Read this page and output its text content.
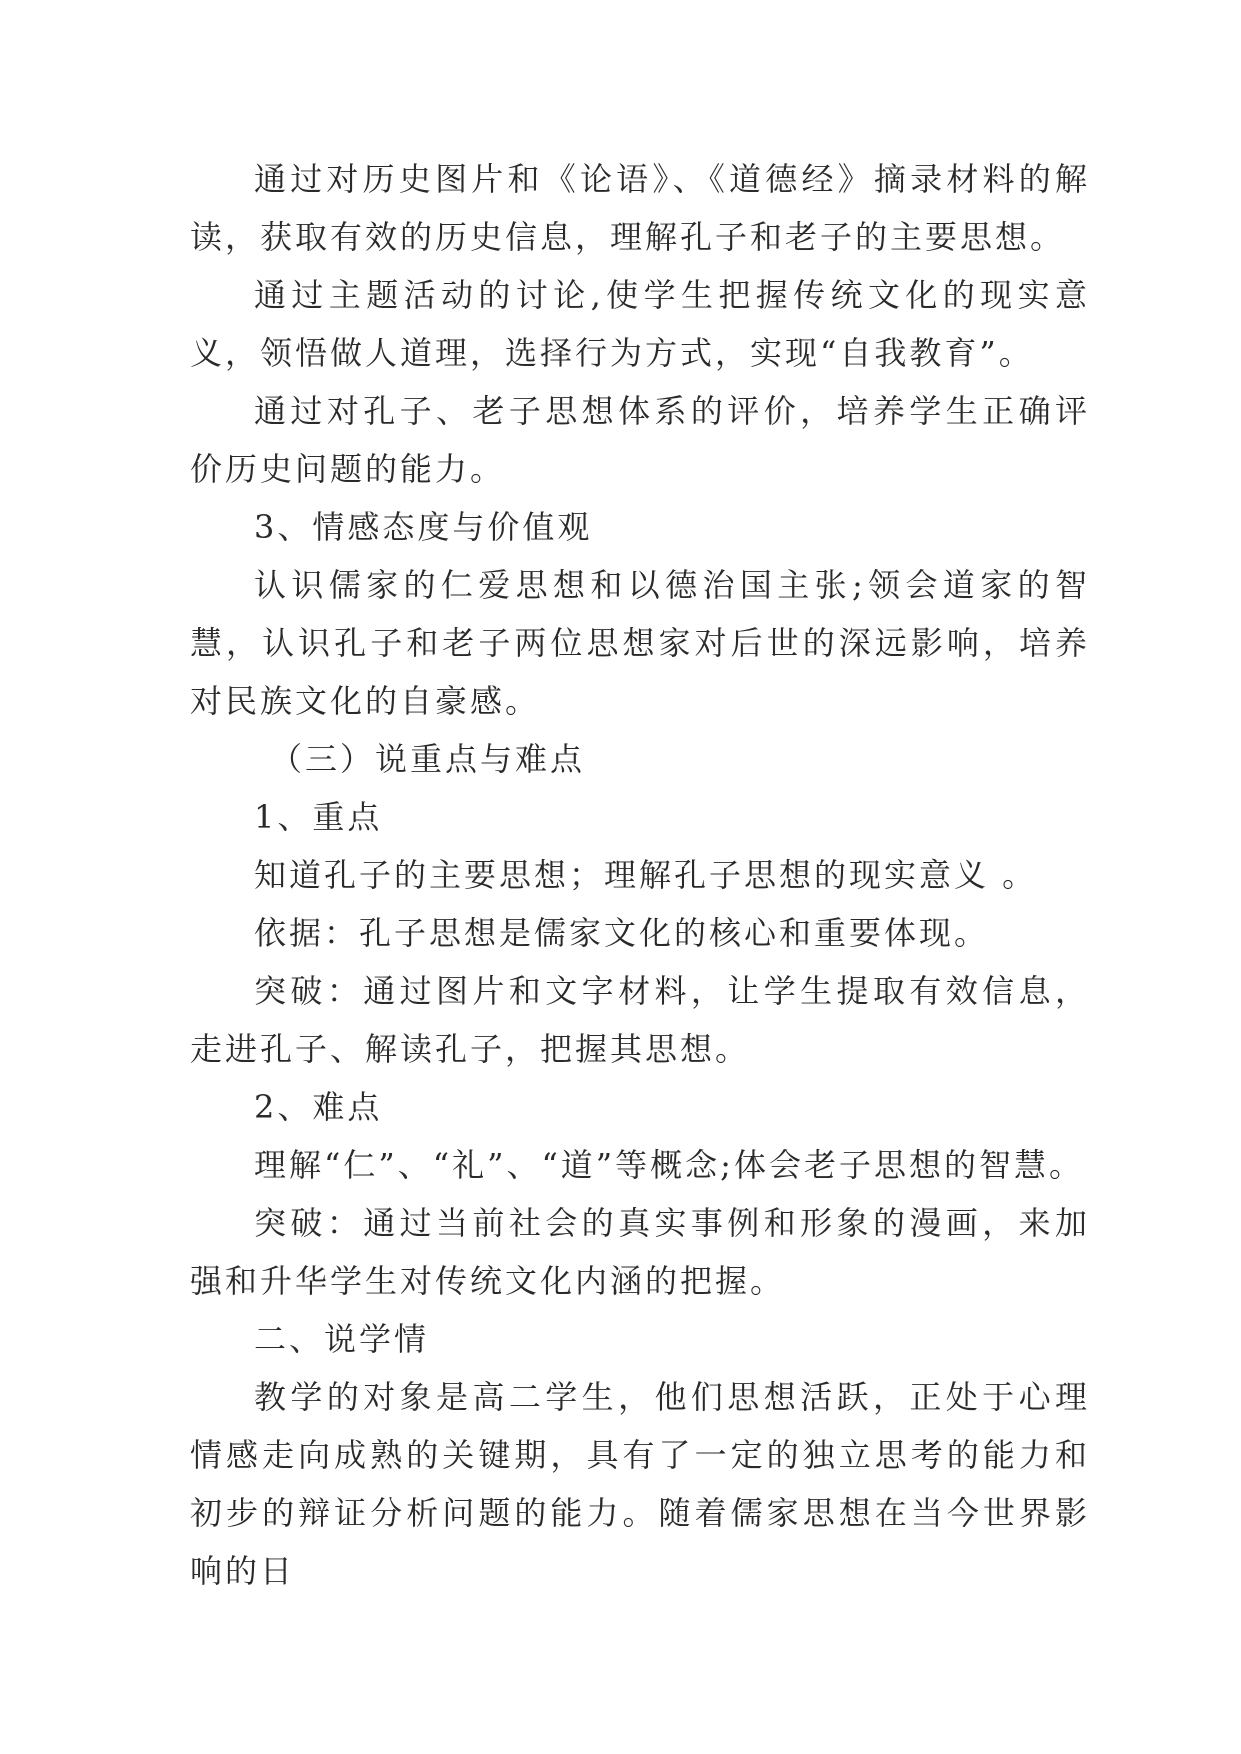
通过对历史图片和《论语》、《道德经》摘录材料的解读，获取有效的历史信息，理解孔子和老子的主要思想。

通过主题活动的讨论,使学生把握传统文化的现实意义，领悟做人道理，选择行为方式，实现“自我教育”。

通过对孔子、老子思想体系的评价，培养学生正确评价历史问题的能力。

3、情感态度与价值观

认识儒家的仁爱思想和以德治国主张;领会道家的智慧，认识孔子和老子两位思想家对后世的深远影响，培养对民族文化的自豪感。

（三）说重点与难点

1、重点

知道孔子的主要思想；理解孔子思想的现实意义 。

依据：孔子思想是儒家文化的核心和重要体现。

突破：通过图片和文字材料，让学生提取有效信息，走进孔子、解读孔子，把握其思想。

2、难点

理解“仁”、“礼”、“道”等概念;体会老子思想的智慧。

突破：通过当前社会的真实事例和形象的漫画，来加强和升华学生对传统文化内涵的把握。

二、说学情

教学的对象是高二学生，他们思想活跃，正处于心理情感走向成熟的关键期，具有了一定的独立思考的能力和初步的辩证分析问题的能力。随着儒家思想在当今世界影响的日
